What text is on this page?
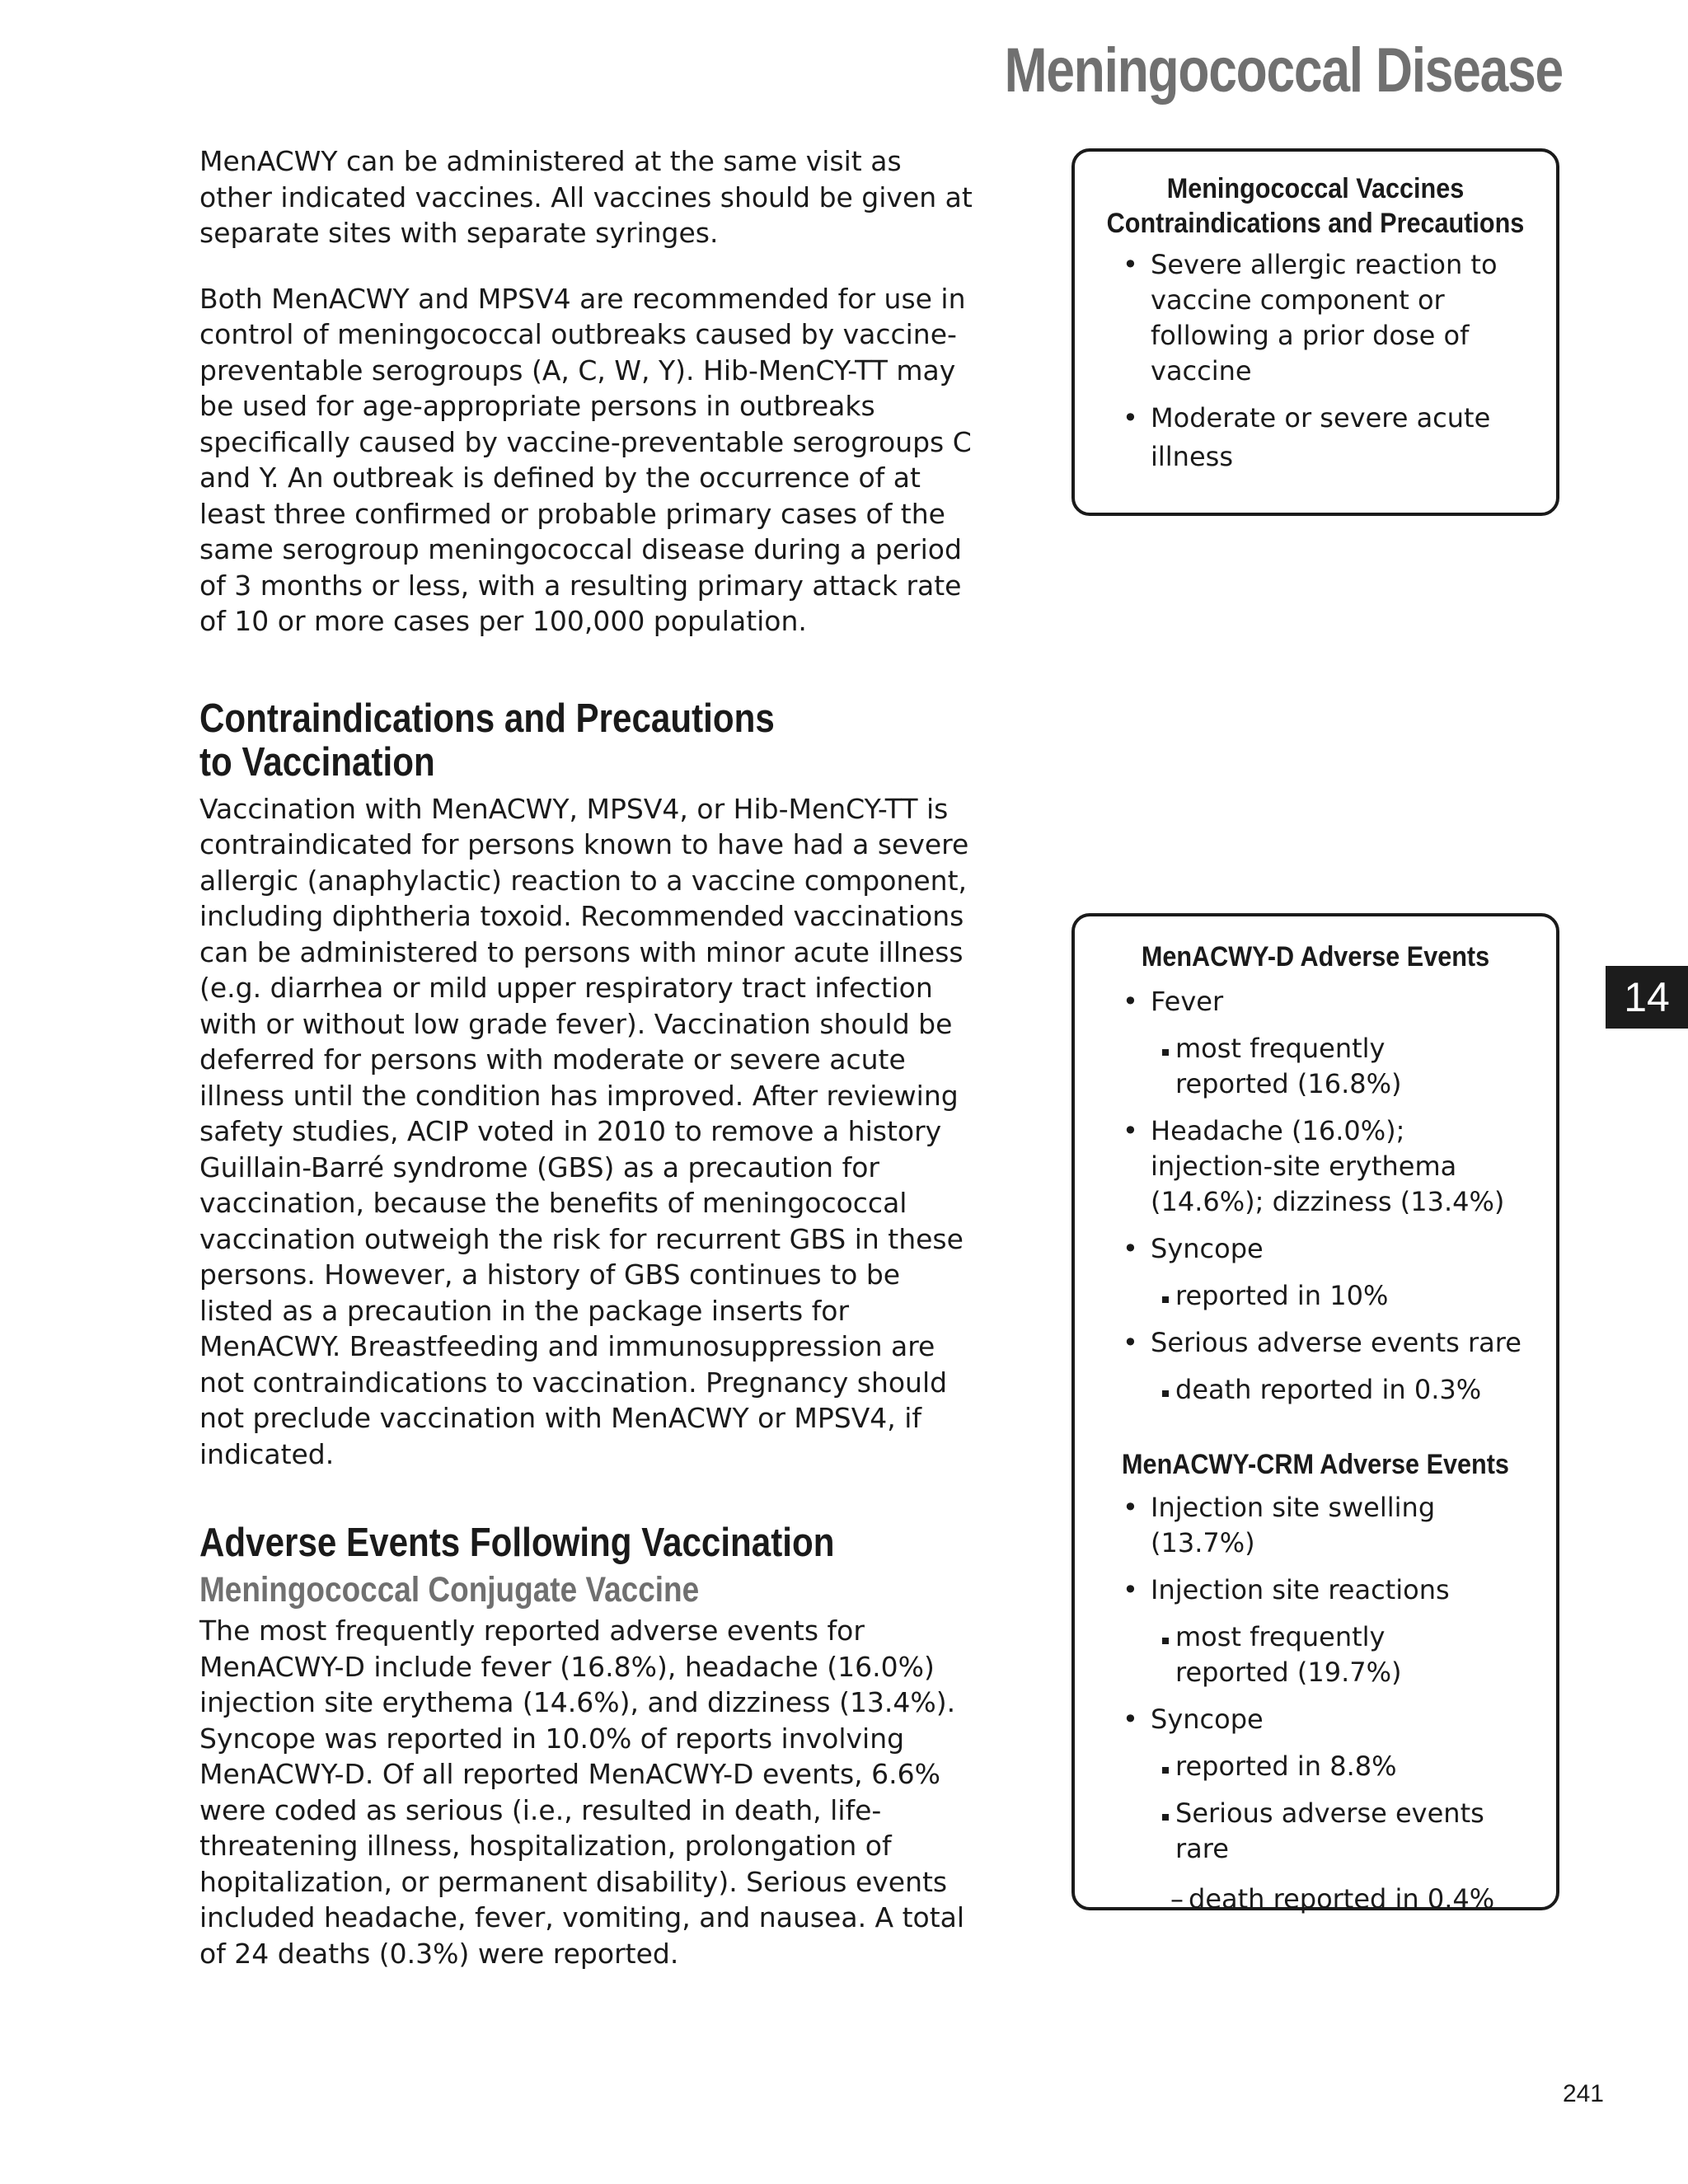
Meningococcal Disease

MenACWY can be administered at the same visit as other indicated vaccines. All vaccines should be given at separate sites with separate syringes.

Both MenACWY and MPSV4 are recommended for use in control of meningococcal outbreaks caused by vaccine-preventable serogroups (A, C, W, Y). Hib-MenCY-TT may be used for age-appropriate persons in outbreaks specifically caused by vaccine-preventable serogroups C and Y. An outbreak is defined by the occurrence of at least three confirmed or probable primary cases of the same serogroup meningococcal disease during a period of 3 months or less, with a resulting primary attack rate of 10 or more cases per 100,000 population.

Contraindications and Precautions
to Vaccination

Vaccination with MenACWY, MPSV4, or Hib-MenCY-TT is contraindicated for persons known to have had a severe allergic (anaphylactic) reaction to a vaccine component, including diphtheria toxoid. Recommended vaccinations can be administered to persons with minor acute illness (e.g. diarrhea or mild upper respiratory tract infection with or without low grade fever). Vaccination should be deferred for persons with moderate or severe acute illness until the condition has improved. After reviewing safety studies, ACIP voted in 2010 to remove a history Guillain-Barré syndrome (GBS) as a precaution for vaccination, because the benefits of meningococcal vaccination outweigh the risk for recurrent GBS in these persons. However, a history of GBS continues to be listed as a precaution in the package inserts for MenACWY. Breastfeeding and immunosuppression are not contraindications to vaccination. Pregnancy should not preclude vaccination with MenACWY or MPSV4, if indicated.

Adverse Events Following Vaccination
Meningococcal Conjugate Vaccine

The most frequently reported adverse events for MenACWY-D include fever (16.8%), headache (16.0%) injection site erythema (14.6%), and dizziness (13.4%). Syncope was reported in 10.0% of reports involving MenACWY-D. Of all reported MenACWY-D events, 6.6% were coded as serious (i.e., resulted in death, life-threatening illness, hospitalization, prolongation of hopitalization, or permanent disability). Serious events included headache, fever, vomiting, and nausea. A total of 24 deaths (0.3%) were reported.

Meningococcal Vaccines
Contraindications and Precautions
• Severe allergic reaction to vaccine component or following a prior dose of vaccine
• Moderate or severe acute illness
MenACWY-D Adverse Events
• Fever
most frequently reported (16.8%)
• Headache (16.0%); injection-site erythema (14.6%); dizziness (13.4%)
• Syncope
reported in 10%
• Serious adverse events rare
death reported in 0.3%
MenACWY-CRM Adverse Events
• Injection site swelling (13.7%)
• Injection site reactions
most frequently reported (19.7%)
• Syncope
reported in 8.8%
Serious adverse events rare
– death reported in 0.4%
14
241
